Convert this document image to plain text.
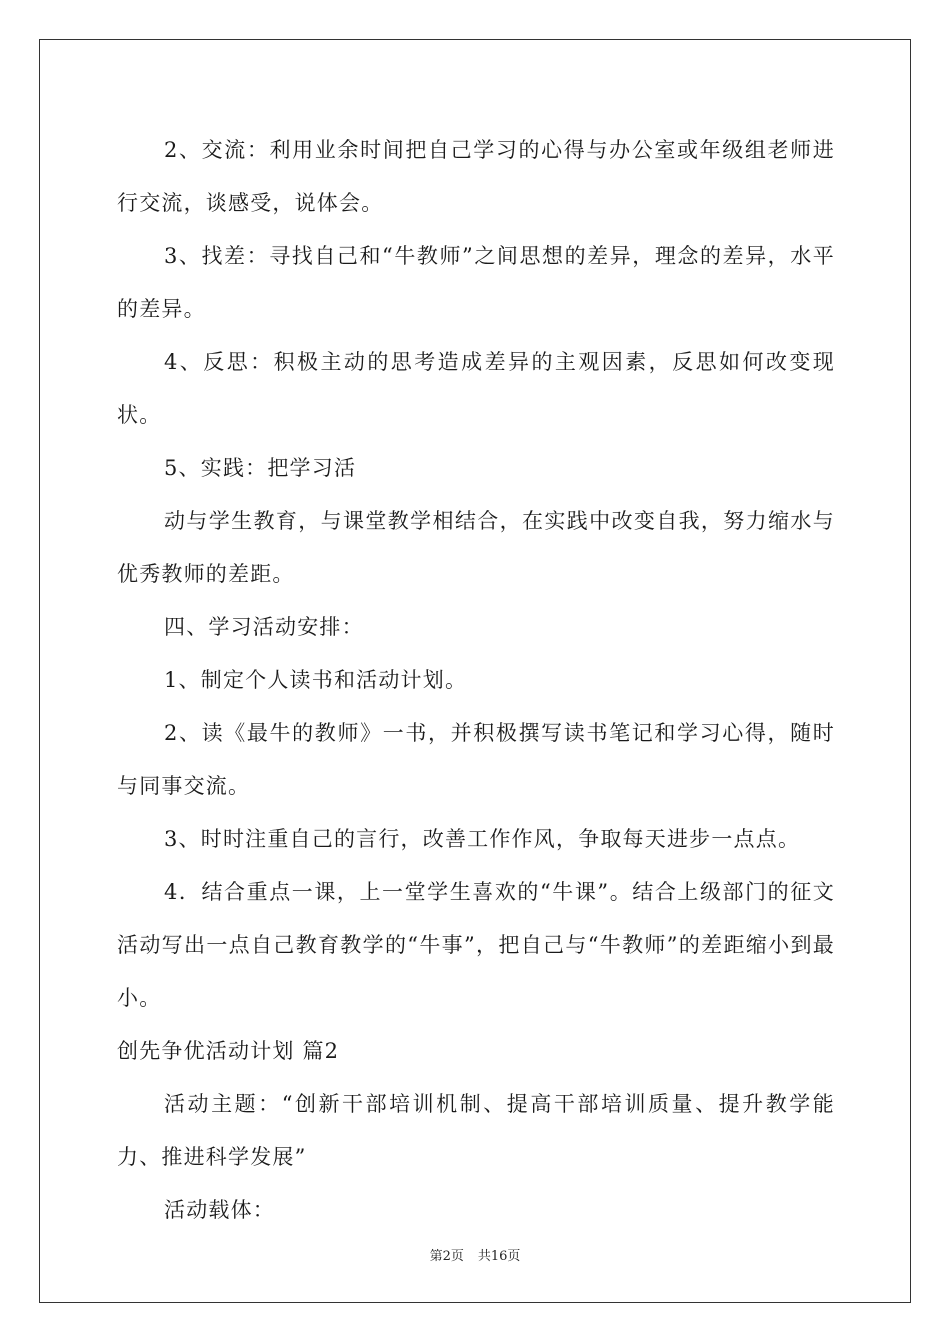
2、交流：利用业余时间把自己学习的心得与办公室或年级组老师进行交流，谈感受，说体会。

3、找差：寻找自己和“牛教师”之间思想的差异，理念的差异，水平的差异。

4、反思：积极主动的思考造成差异的主观因素，反思如何改变现状。

5、实践：把学习活

动与学生教育，与课堂教学相结合，在实践中改变自我，努力缩水与优秀教师的差距。

四、学习活动安排：

1、制定个人读书和活动计划。

2、读《最牛的教师》一书，并积极撰写读书笔记和学习心得，随时与同事交流。

3、时时注重自己的言行，改善工作作风，争取每天进步一点点。

4．结合重点一课，上一堂学生喜欢的“牛课”。结合上级部门的征文活动写出一点自己教育教学的“牛事”，把自己与“牛教师”的差距缩小到最小。

创先争优活动计划 篇2

活动主题：“创新干部培训机制、提高干部培训质量、提升教学能力、推进科学发展”

活动载体：

第2页 共16页
